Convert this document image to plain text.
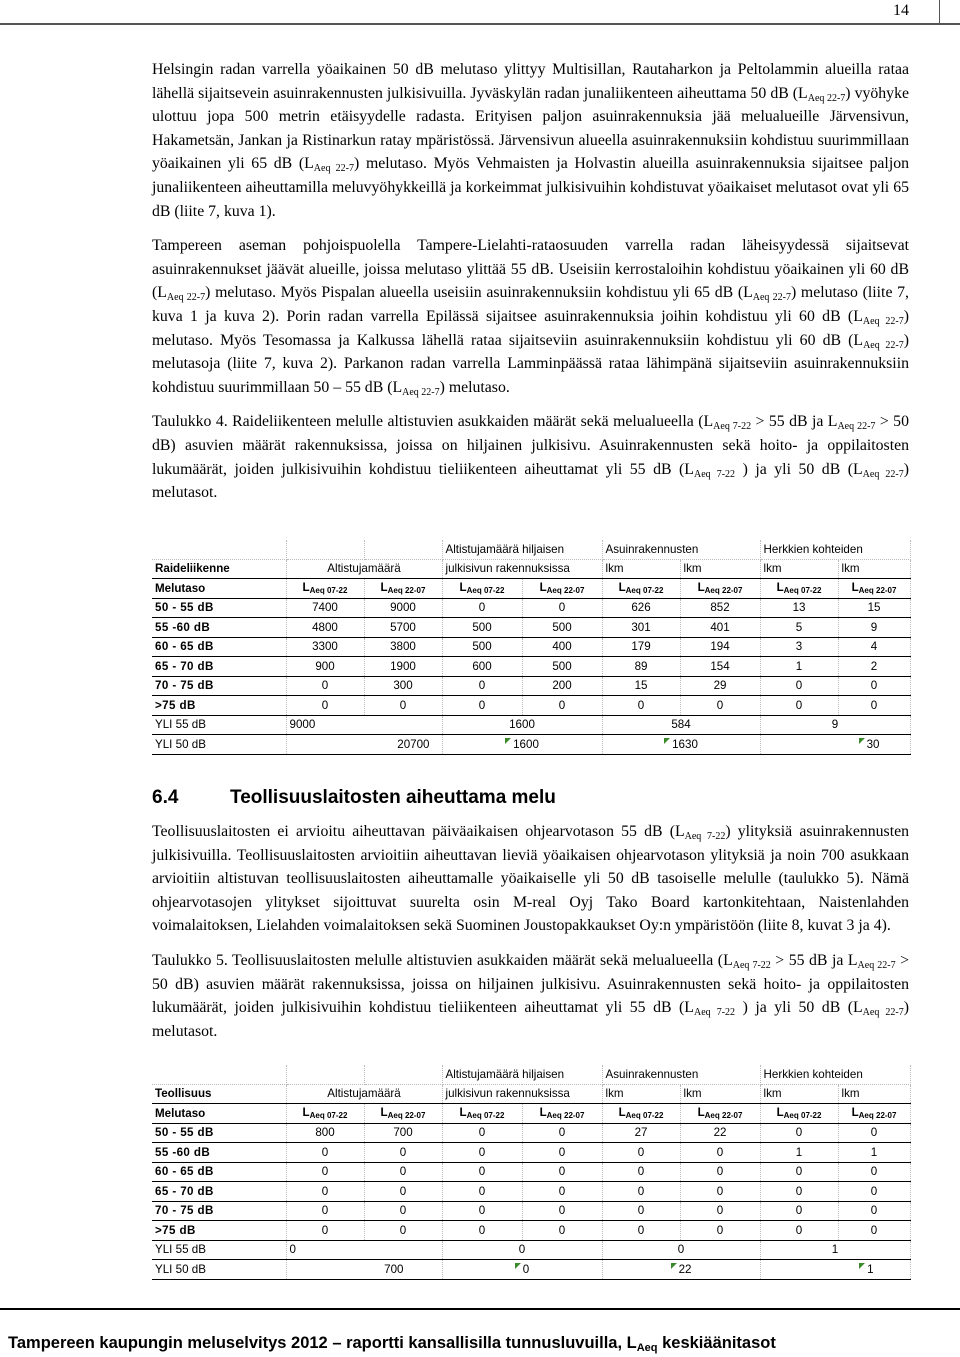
14

Helsingin radan varrella yöaikainen 50 dB melutaso ylittyy Multisillan, Rautaharkon ja Peltolammin alueilla rataa lähellä sijaitsevein asuinrakennusten julkisivuilla. Jyväskylän radan junaliikenteen aiheuttama 50 dB $(L_{Aeq 22-7})$ vyöhyke ulottuu jopa 500 metrin etäisyydelle radasta. Erityisen paljon asuinrakennuksia jää melualueille Järvensivun, Hakametsän, Jankan ja Ristinarkun ratay mpäristössä. Järvensivun alueella asuinrakennuksiin kohdistuu suurimmillaan yöaikainen yli 65 dB $(L_{Aeq 22-7})$ melutaso. Myös Vehmaisten ja Holvastin alueilla asuinrakennuksia sijaitsee paljon junaliikenteen aiheuttamilla meluvyöhykkeillä ja korkeimmat julkisivuihin kohdistuvat yöaikaiset melutasot ovat yli 65 dB (liite 7, kuva 1).

Tampereen aseman pohjoispuolella Tampere-Lielahti-rataosuuden varrella radan läheisyydessä sijaitsevat asuinrakennukset jäävät alueille, joissa melutaso ylittää 55 dB. Useisiin kerrostaloihin kohdistuu yöaikainen yli 60 dB $(L_{Aeq 22-7})$ melutaso. Myös Pispalan alueella useisiin asuinrakennuksiin kohdistuu yli 65 dB $(L_{Aeq 22-7})$ melutaso (liite 7, kuva 1 ja kuva 2). Porin radan varrella Epilässä sijaitsee asuinrakennuksia joihin kohdistuu yli 60 dB $(L_{Aeq 22-7})$ melutaso. Myös Tesomassa ja Kalkussa lähellä rataa sijaitseviin asuinrakennuksiin kohdistuu yli 60 dB $(L_{Aeq 22-7})$ melutasoja (liite 7, kuva 2). Parkanon radan varrella Lamminpäässä rataa lähimpänä sijaitseviin asuinrakennuksiin kohdistuu suurimmillaan 50 – 55 dB $(L_{Aeq 22-7})$ melutaso.

Taulukko 4. Raideliikenteen melulle altistuvien asukkaiden määrät sekä melualueella ($L_{Aeq 7-22} > 55$ dB ja $L_{Aeq 22-7} > 50$ dB) asuvien määrät rakennuksissa, joissa on hiljainen julkisivu. Asuinrakennusten sekä hoito- ja oppilaitosten lukumäärät, joiden julkisivuihin kohdistuu tieliikenteen aiheuttamat yli 55 dB ($L_{Aeq 7-22}$ ) ja yli 50 dB $(L_{Aeq 22-7})$ melutasot.

			Altistujamäärä hiljaisen		Asuinrakennusten		Herkkien kohteiden	
Raideliikenne	Altistujamäärä		julkisivun rakennuksissa		lkm	lkm	lkm	lkm
Melutaso	LAeq 07-22	LAeq 22-07	LAeq 07-22	LAeq 22-07	LAeq 07-22	LAeq 22-07	LAeq 07-22	LAeq 22-07
50 - 55 dB	7400	9000	0	0	626	852	13	15
55 -60 dB	4800	5700	500	500	301	401	5	9
60 - 65 dB	3300	3800	500	400	179	194	3	4
65 - 70 dB	900	1900	600	500	89	154	1	2
70 - 75 dB	0	300	0	200	15	29	0	0
>75 dB	0	0	0	0	0	0	0	0
YLI 55 dB	9000		1600		584		9	
YLI 50 dB	20700		1600		1630		30	
6.4	Teollisuuslaitosten aiheuttama melu

Teollisuuslaitosten ei arvioitu aiheuttavan päiväaikaisen ohjearvotason 55 dB $(L_{Aeq 7-22})$ ylityksiä asuinrakennusten julkisivuilla. Teollisuuslaitosten arvioitiin aiheuttavan lieviä yöaikaisen ohjearvotason ylityksiä ja noin 700 asukkaan arvioitiin altistuvan teollisuuslaitosten aiheuttamalle yöaikaiselle yli 50 dB tasoiselle melulle (taulukko 5). Nämä ohjearvotasojen ylitykset sijoittuvat suurelta osin M-real Oyj Tako Board kartonkitehtaan, Naistenlahden voimalaitoksen, Lielahden voimalaitoksen sekä Suominen Joustopakkaukset Oy:n ympäristöön (liite 8, kuvat 3 ja 4).

Taulukko 5. Teollisuuslaitosten melulle altistuvien asukkaiden määrät sekä melualueella ($L_{Aeq 7-22} > 55$ dB ja $L_{Aeq 22-7} > 50$ dB) asuvien määrät rakennuksissa, joissa on hiljainen julkisivu. Asuinrakennusten sekä hoito- ja oppilaitosten lukumäärät, joiden julkisivuihin kohdistuu tieliikenteen aiheuttamat yli 55 dB ($L_{Aeq 7-22}$ ) ja yli 50 dB $(L_{Aeq 22-7})$ melutasot.

			Altistujamäärä hiljaisen		Asuinrakennusten		Herkkien kohteiden	
Teollisuus	Altistujamäärä		julkisivun rakennuksissa		lkm	lkm	lkm	lkm
Melutaso	LAeq 07-22	LAeq 22-07	LAeq 07-22	LAeq 22-07	LAeq 07-22	LAeq 22-07	LAeq 07-22	LAeq 22-07
50 - 55 dB	800	700	0	0	27	22	0	0
55 -60 dB	0	0	0	0	0	0	1	1
60 - 65 dB	0	0	0	0	0	0	0	0
65 - 70 dB	0	0	0	0	0	0	0	0
70 - 75 dB	0	0	0	0	0	0	0	0
>75 dB	0	0	0	0	0	0	0	0
YLI 55 dB	0		0		0		1	
YLI 50 dB	700		0		22		1	
Tampereen kaupungin meluselvitys 2012 – raportti kansallisilla tunnusluvuilla, $L_{Aeq}$ keskiäänitasot
